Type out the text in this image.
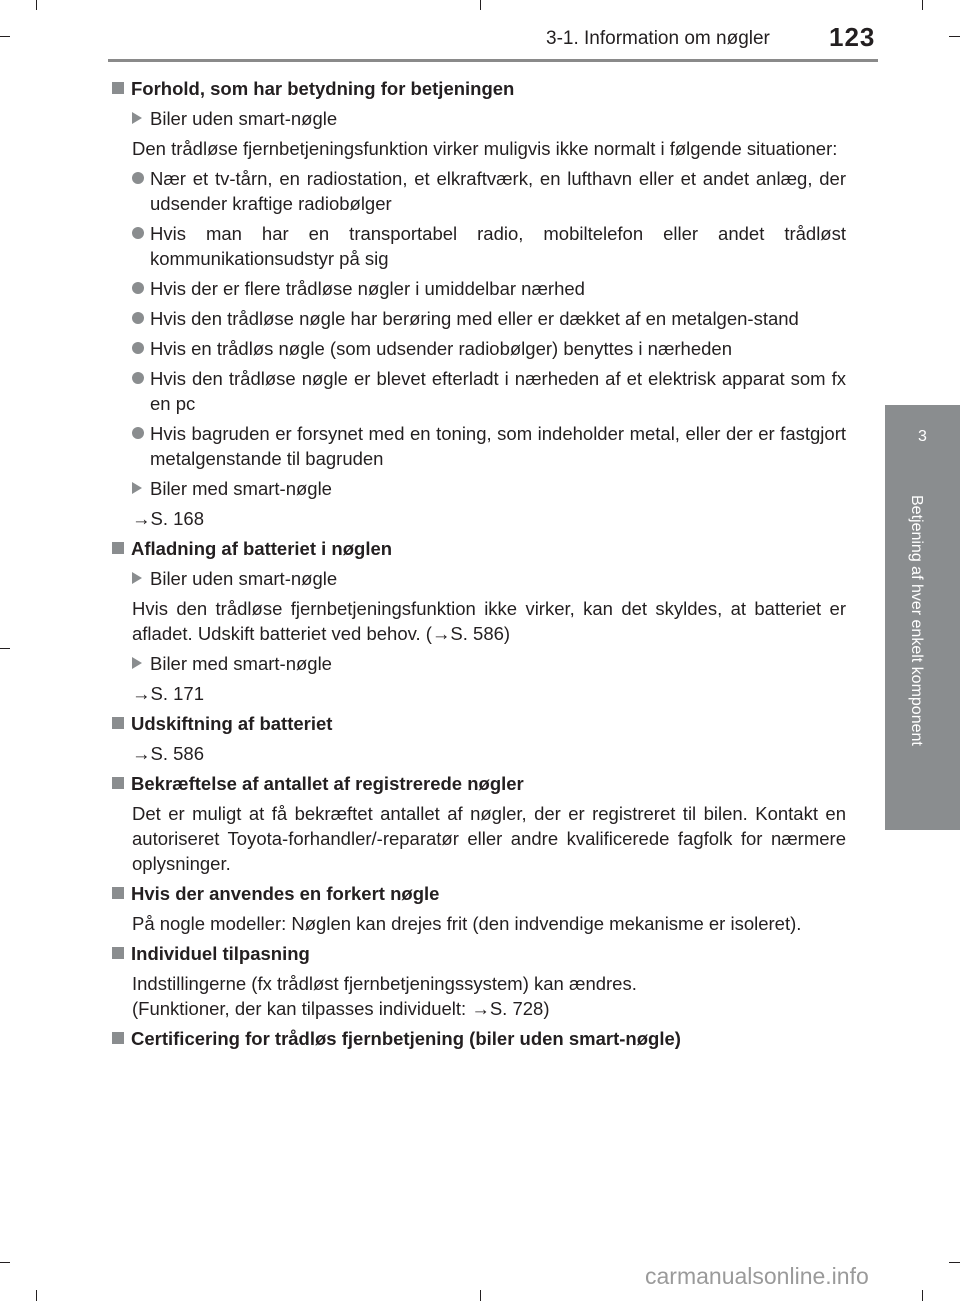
3-1. Information om nøgler 123
3
Betjening af hver enkelt komponent
Forhold, som har betydning for betjeningen
Biler uden smart-nøgle
Den trådløse fjernbetjeningsfunktion virker muligvis ikke normalt i følgende situationer:
Nær et tv-tårn, en radiostation, et elkraftværk, en lufthavn eller et andet anlæg, der udsender kraftige radiobølger
Hvis man har en transportabel radio, mobiltelefon eller andet trådløst kommunikationsudstyr på sig
Hvis der er flere trådløse nøgler i umiddelbar nærhed
Hvis den trådløse nøgle har berøring med eller er dækket af en metalgen-stand
Hvis en trådløs nøgle (som udsender radiobølger) benyttes i nærheden
Hvis den trådløse nøgle er blevet efterladt i nærheden af et elektrisk apparat som fx en pc
Hvis bagruden er forsynet med en toning, som indeholder metal, eller der er fastgjort metalgenstande til bagruden
Biler med smart-nøgle
→S. 168
Afladning af batteriet i nøglen
Biler uden smart-nøgle
Hvis den trådløse fjernbetjeningsfunktion ikke virker, kan det skyldes, at batteriet er afladet. Udskift batteriet ved behov. (→S. 586)
Biler med smart-nøgle
→S. 171
Udskiftning af batteriet
→S. 586
Bekræftelse af antallet af registrerede nøgler
Det er muligt at få bekræftet antallet af nøgler, der er registreret til bilen. Kontakt en autoriseret Toyota-forhandler/-reparatør eller andre kvalificerede fagfolk for nærmere oplysninger.
Hvis der anvendes en forkert nøgle
På nogle modeller: Nøglen kan drejes frit (den indvendige mekanisme er isoleret).
Individuel tilpasning
Indstillingerne (fx trådløst fjernbetjeningssystem) kan ændres.
(Funktioner, der kan tilpasses individuelt: →S. 728)
Certificering for trådløs fjernbetjening (biler uden smart-nøgle)
carmanualsonline.info
